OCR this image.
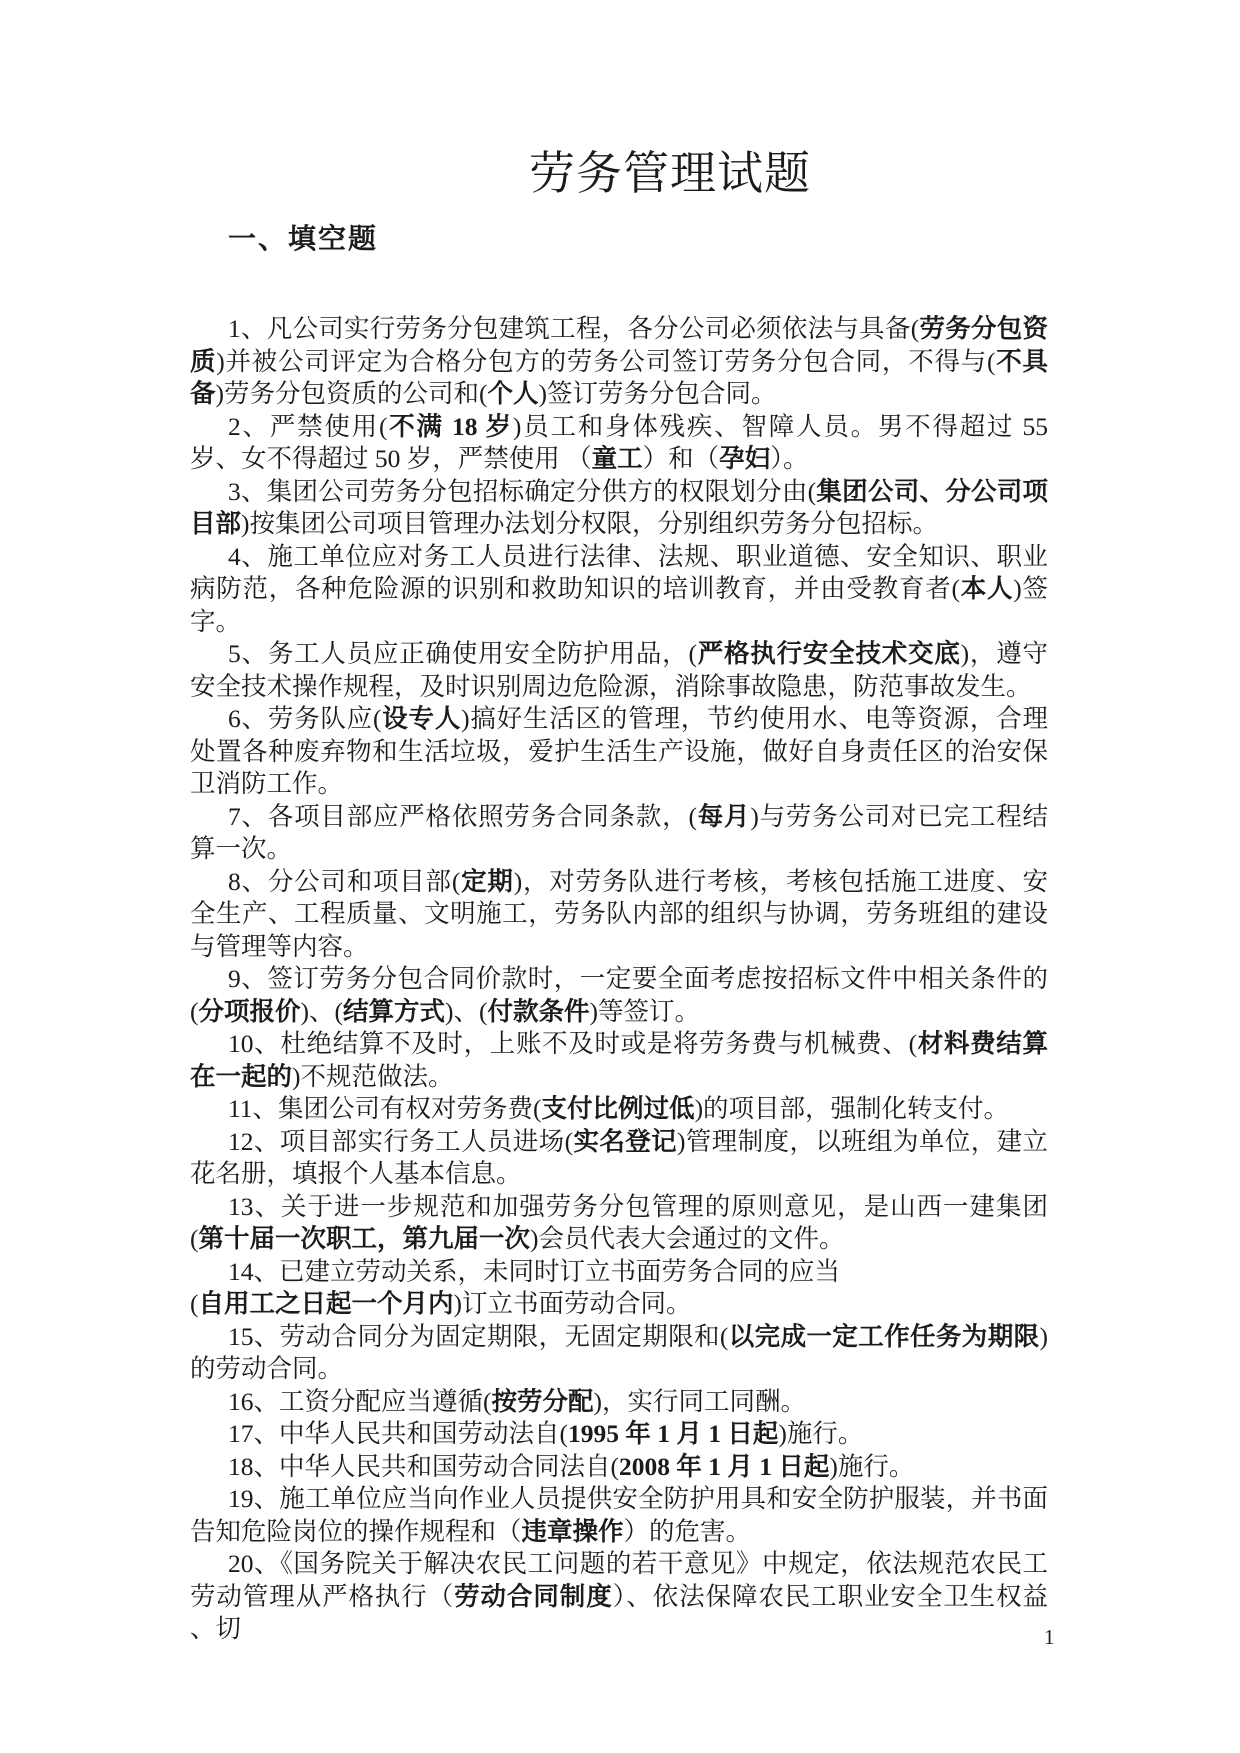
劳务管理试题
一、填空题

1、凡公司实行劳务分包建筑工程，各分公司必须依法与具备(劳务分包资质)并被公司评定为合格分包方的劳务公司签订劳务分包合同，不得与(不具备)劳务分包资质的公司和(个人)签订劳务分包合同。

2、严禁使用(不满 18 岁)员工和身体残疾、智障人员。男不得超过 55 岁、女不得超过 50 岁，严禁使用 （童工）和（孕妇）。

3、集团公司劳务分包招标确定分供方的权限划分由(集团公司、分公司项目部)按集团公司项目管理办法划分权限，分别组织劳务分包招标。

4、施工单位应对务工人员进行法律、法规、职业道德、安全知识、职业病防范，各种危险源的识别和救助知识的培训教育，并由受教育者(本人)签字。

5、务工人员应正确使用安全防护用品，(严格执行安全技术交底)，遵守安全技术操作规程，及时识别周边危险源，消除事故隐患，防范事故发生。

6、劳务队应(设专人)搞好生活区的管理，节约使用水、电等资源，合理处置各种废弃物和生活垃圾，爱护生活生产设施，做好自身责任区的治安保卫消防工作。

7、各项目部应严格依照劳务合同条款，(每月)与劳务公司对已完工程结算一次。

8、分公司和项目部(定期)，对劳务队进行考核，考核包括施工进度、安全生产、工程质量、文明施工，劳务队内部的组织与协调，劳务班组的建设与管理等内容。

9、签订劳务分包合同价款时，一定要全面考虑按招标文件中相关条件的(分项报价)、(结算方式)、(付款条件)等签订。

10、杜绝结算不及时，上账不及时或是将劳务费与机械费、(材料费结算在一起的)不规范做法。

11、集团公司有权对劳务费(支付比例过低)的项目部，强制化转支付。

12、项目部实行务工人员进场(实名登记)管理制度，以班组为单位，建立花名册，填报个人基本信息。

13、关于进一步规范和加强劳务分包管理的原则意见，是山西一建集团(第十届一次职工，第九届一次)会员代表大会通过的文件。

14、已建立劳动关系，未同时订立书面劳务合同的应当
(自用工之日起一个月内)订立书面劳动合同。

15、劳动合同分为固定期限，无固定期限和(以完成一定工作任务为期限)的劳动合同。

16、工资分配应当遵循(按劳分配)，实行同工同酬。

17、中华人民共和国劳动法自(1995 年 1 月 1 日起)施行。

18、中华人民共和国劳动合同法自(2008 年 1 月 1 日起)施行。

19、施工单位应当向作业人员提供安全防护用具和安全防护服装，并书面告知危险岗位的操作规程和（违章操作）的危害。

20、《国务院关于解决农民工问题的若干意见》中规定，依法规范农民工劳动管理从严格执行（劳动合同制度）、依法保障农民工职业安全卫生权益 、切	1
